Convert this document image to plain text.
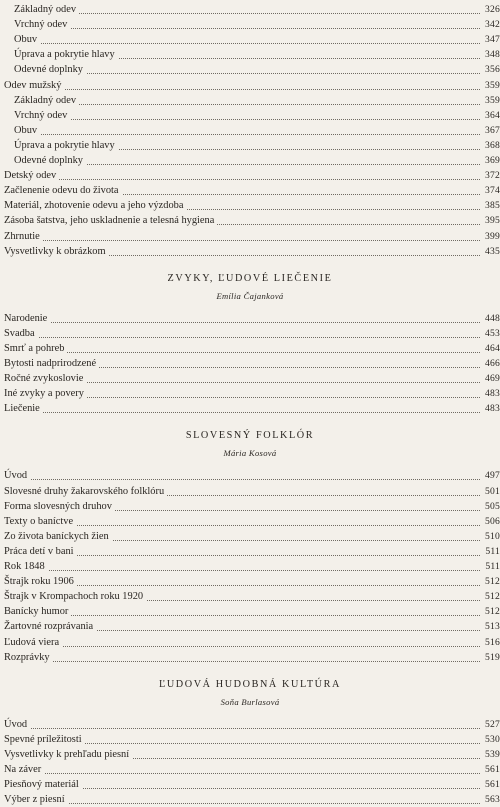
Základný odev	326
Vrchný odev	342
Obuv	347
Úprava a pokrytie hlavy	348
Odevné doplnky	356
Odev mužský	359
Základný odev	359
Vrchný odev	364
Obuv	367
Úprava a pokrytie hlavy	368
Odevné doplnky	369
Detský odev	372
Začlenenie odevu do života	374
Materiál, zhotovenie odevu a jeho výzdoba	385
Zásoba šatstva, jeho uskladnenie a telesná hygiena	395
Zhrnutie	399
Vysvetlivky k obrázkom	435
ZVYKY, ĽUDOVÉ LIEČENIE
Emília Čajanková
Narodenie	448
Svadba	453
Smrť a pohreb	464
Bytosti nadprirodzené	466
Ročné zvykoslovie	469
Iné zvyky a povery	483
Liečenie	483
SLOVESNÝ FOLKLÓR
Mária Kosová
Úvod	497
Slovesné druhy žakarovského folklóru	501
Forma slovesných druhov	505
Texty o baníctve	506
Zo života baníckych žien	510
Práca detí v bani	511
Rok 1848	511
Štrajk roku 1906	512
Štrajk v Krompachoch roku 1920	512
Banícky humor	512
Žartovné rozprávania	513
Ľudová viera	516
Rozprávky	519
ĽUDOVÁ HUDOBNÁ KULTÚRA
Soňa Burlasová
Úvod	527
Spevné príležitosti	530
Vysvetlivky k prehľadu piesní	539
Na záver	561
Piesňový materiál	561
Výber z piesní	563
